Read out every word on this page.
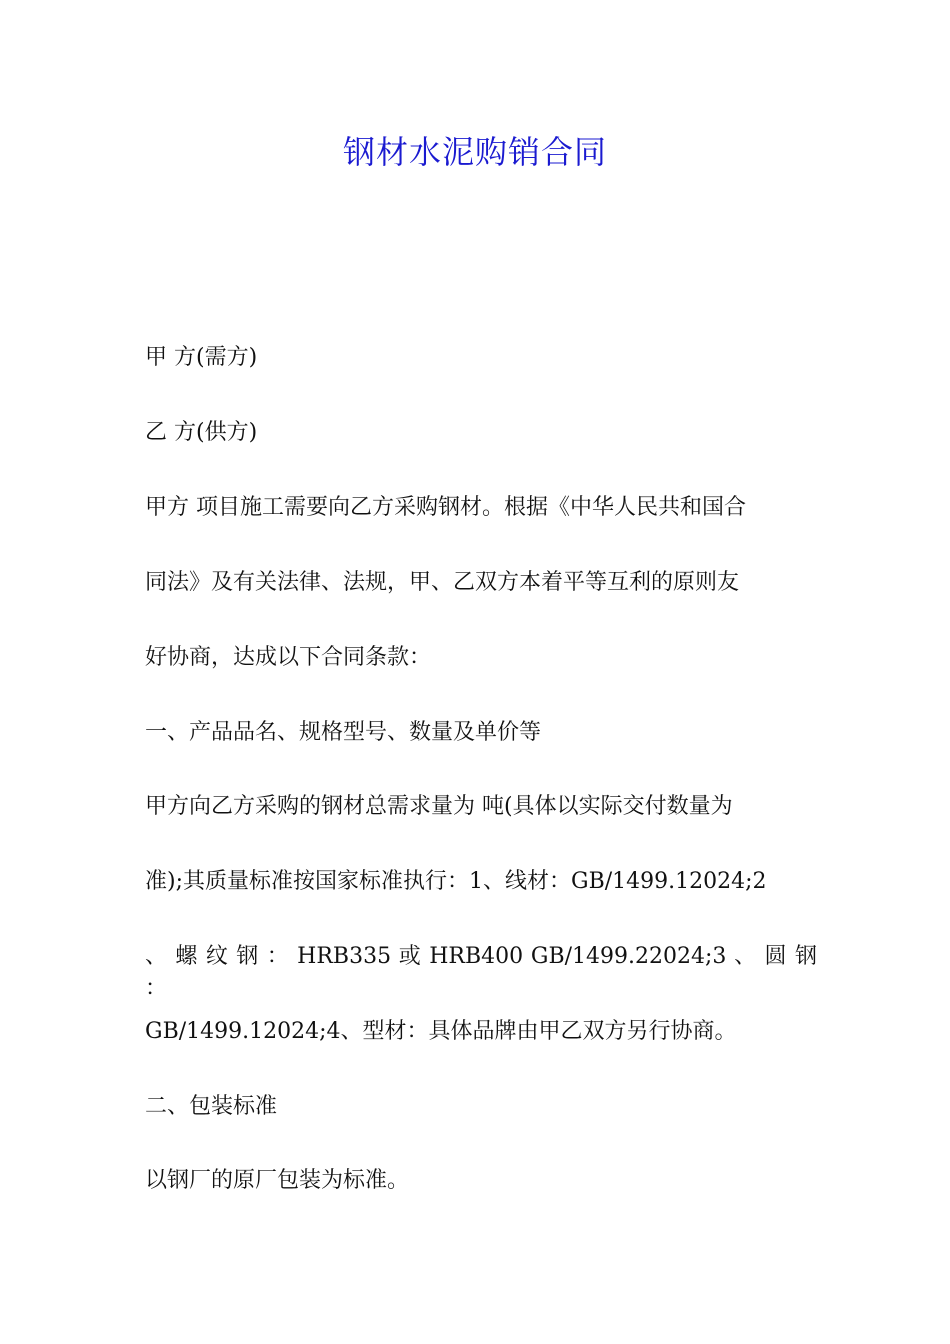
钢材水泥购销合同
甲 方(需方)
乙 方(供方)
甲方 项目施工需要向乙方采购钢材。根据《中华人民共和国合
同法》及有关法律、法规，甲、乙双方本着平等互利的原则友
好协商，达成以下合同条款：
一、产品品名、规格型号、数量及单价等
甲方向乙方采购的钢材总需求量为 吨(具体以实际交付数量为
准);其质量标准按国家标准执行：1、线材：GB/1499.12024;2
、 螺 纹 钢 ： HRB335 或 HRB400 GB/1499.22024;3 、 圆 钢 ：
GB/1499.12024;4、型材：具体品牌由甲乙双方另行协商。
二、包装标准
以钢厂的原厂包装为标准。
